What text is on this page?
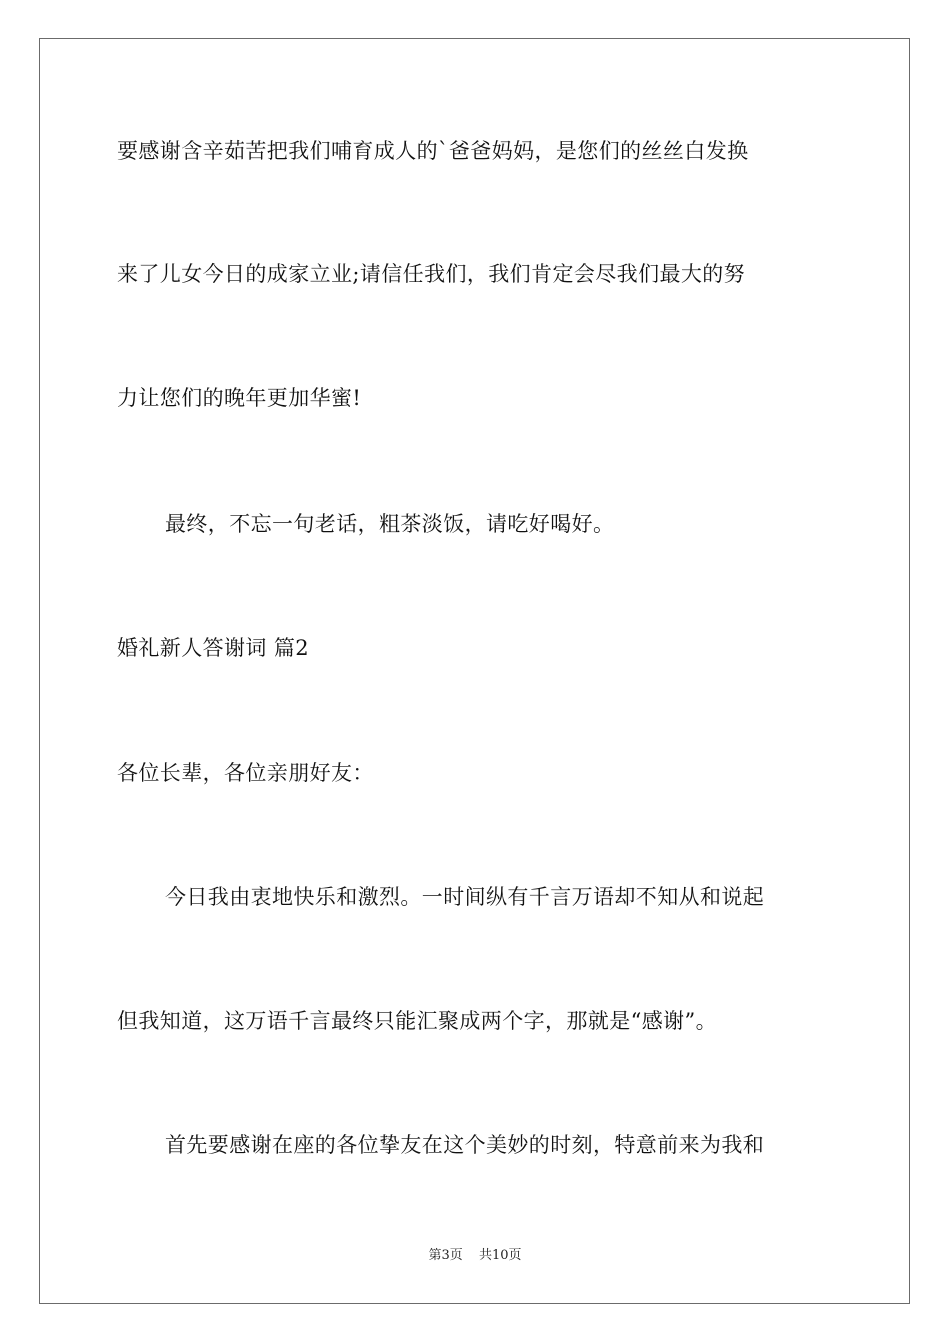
要感谢含辛茹苦把我们哺育成人的`爸爸妈妈，是您们的丝丝白发换
来了儿女今日的成家立业;请信任我们，我们肯定会尽我们最大的努
力让您们的晚年更加华蜜!
最终，不忘一句老话，粗茶淡饭，请吃好喝好。
婚礼新人答谢词 篇2
各位长辈，各位亲朋好友：
今日我由衷地快乐和激烈。一时间纵有千言万语却不知从和说起
但我知道，这万语千言最终只能汇聚成两个字，那就是“感谢”。
首先要感谢在座的各位挚友在这个美妙的时刻，特意前来为我和
第3页 共10页
